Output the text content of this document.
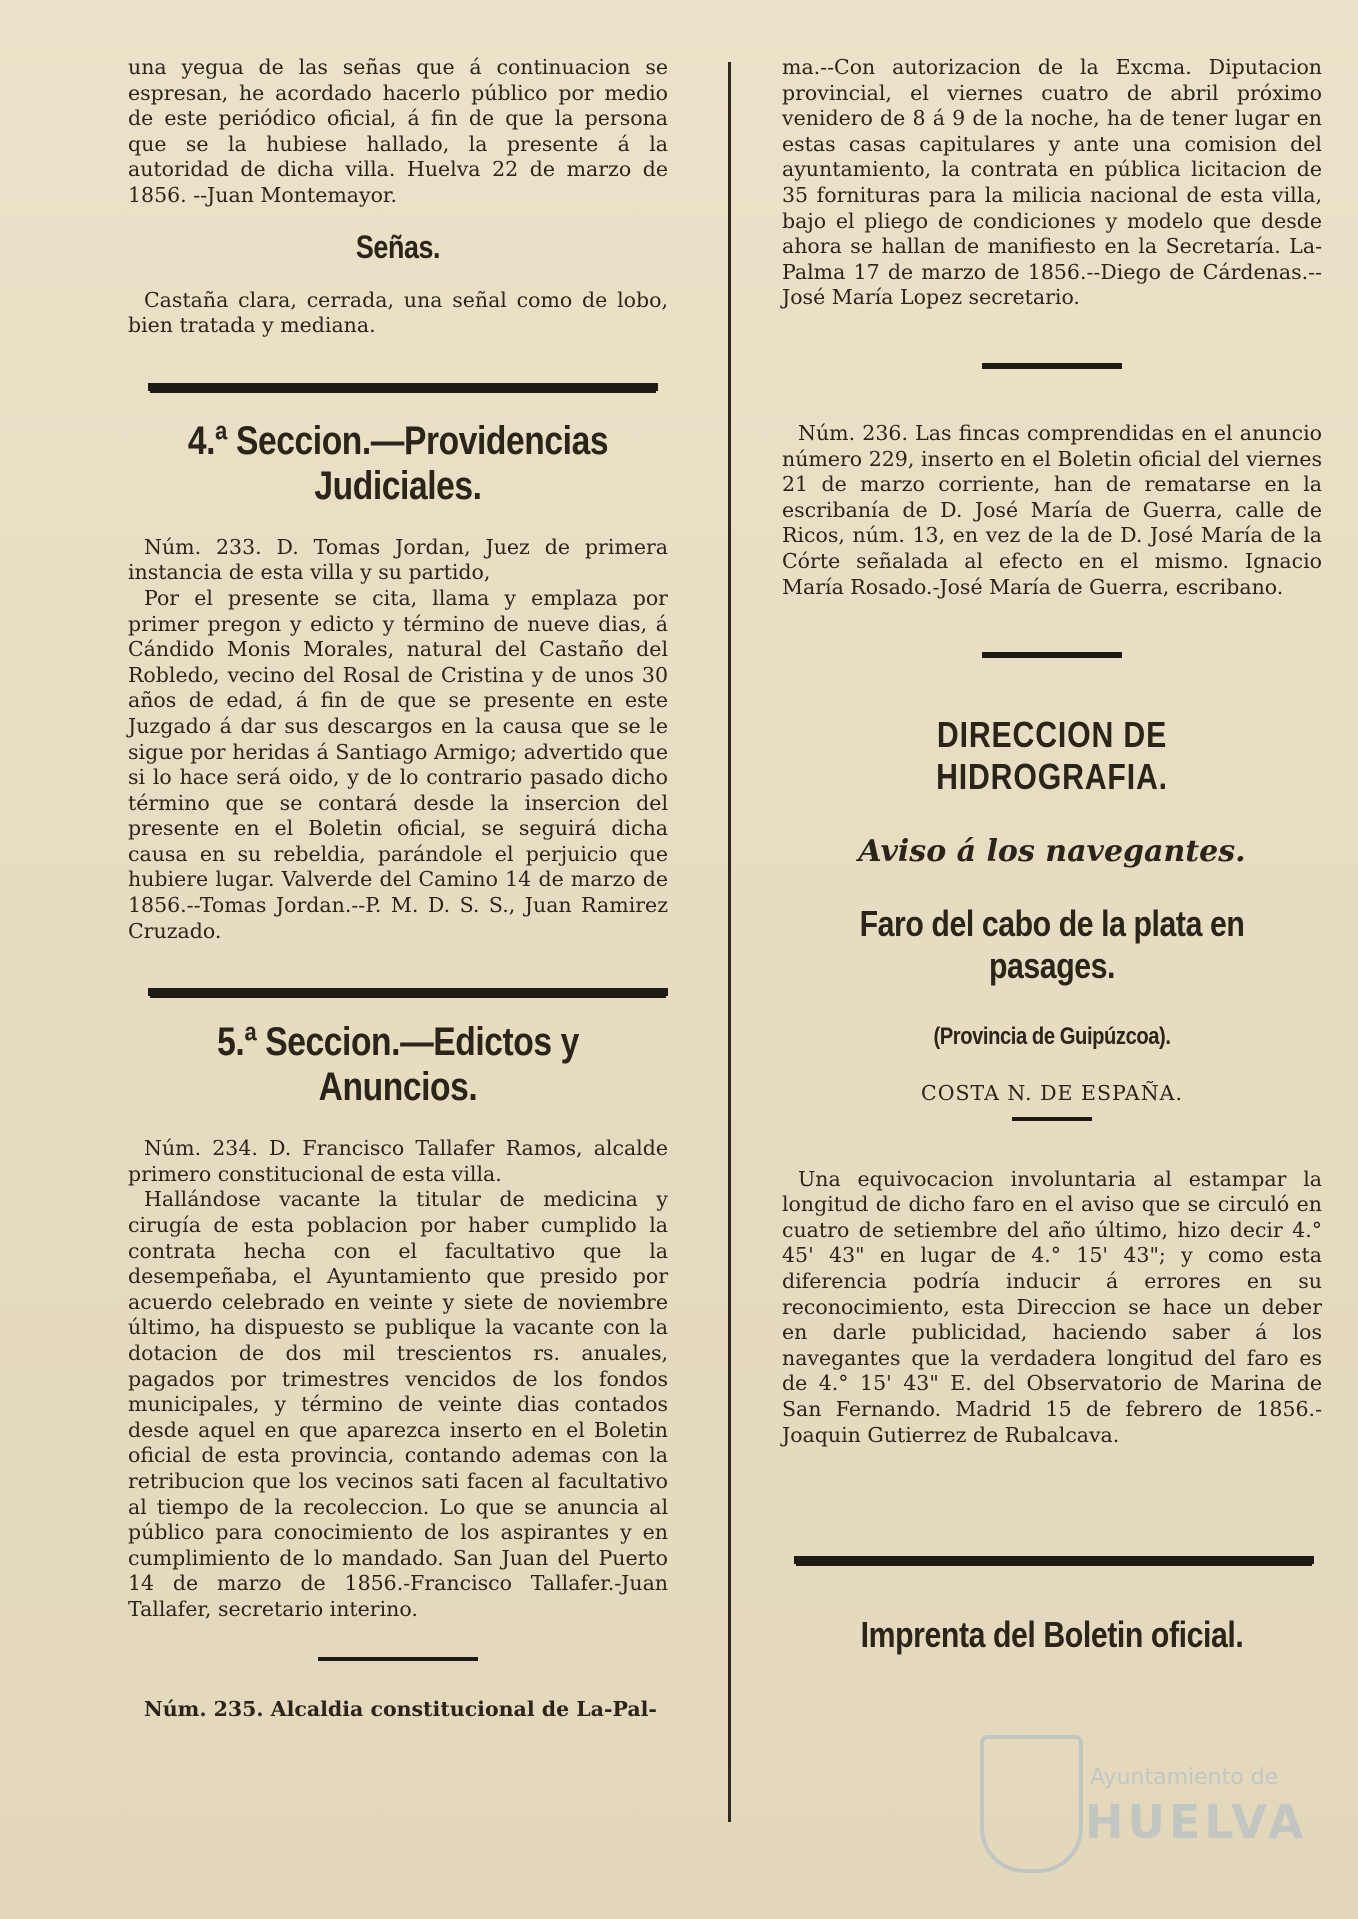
una yegua de las señas que á continuacion se espresan, he acordado hacerlo público por medio de este periódico oficial, á fin de que la persona que se la hubiese hallado, la presente á la autoridad de dicha villa. Huelva 22 de marzo de 1856. --Juan Montemayor.

Señas.

Castaña clara, cerrada, una señal como de lobo, bien tratada y mediana.

4.ª Seccion.—Providencias Judiciales.

Núm. 233. D. Tomas Jordan, Juez de primera instancia de esta villa y su partido,

Por el presente se cita, llama y emplaza por primer pregon y edicto y término de nueve dias, á Cándido Monis Morales, natural del Castaño del Robledo, vecino del Rosal de Cristina y de unos 30 años de edad, á fin de que se presente en este Juzgado á dar sus descargos en la causa que se le sigue por heridas á Santiago Armigo; advertido que si lo hace será oido, y de lo contrario pasado dicho término que se contará desde la insercion del presente en el Boletin oficial, se seguirá dicha causa en su rebeldia, parándole el perjuicio que hubiere lugar. Valverde del Camino 14 de marzo de 1856.--Tomas Jordan.--P. M. D. S. S., Juan Ramirez Cruzado.

5.ª Seccion.—Edictos y Anuncios.

Núm. 234. D. Francisco Tallafer Ramos, alcalde primero constitucional de esta villa.

Hallándose vacante la titular de medicina y cirugía de esta poblacion por haber cumplido la contrata hecha con el facultativo que la desempeñaba, el Ayuntamiento que presido por acuerdo celebrado en veinte y siete de noviembre último, ha dispuesto se publique la vacante con la dotacion de dos mil trescientos rs. anuales, pagados por trimestres vencidos de los fondos municipales, y término de veinte dias contados desde aquel en que aparezca inserto en el Boletin oficial de esta provincia, contando ademas con la retribucion que los vecinos sati facen al facultativo al tiempo de la recoleccion. Lo que se anuncia al público para conocimiento de los aspirantes y en cumplimiento de lo mandado. San Juan del Puerto 14 de marzo de 1856.-Francisco Tallafer.-Juan Tallafer, secretario interino.

Núm. 235. Alcaldia constitucional de La-Pal-

ma.--Con autorizacion de la Excma. Diputacion provincial, el viernes cuatro de abril próximo venidero de 8 á 9 de la noche, ha de tener lugar en estas casas capitulares y ante una comision del ayuntamiento, la contrata en pública licitacion de 35 fornituras para la milicia nacional de esta villa, bajo el pliego de condiciones y modelo que desde ahora se hallan de manifiesto en la Secretaría. La-Palma 17 de marzo de 1856.--Diego de Cárdenas.--José María Lopez secretario.

Núm. 236. Las fincas comprendidas en el anuncio número 229, inserto en el Boletin oficial del viernes 21 de marzo corriente, han de rematarse en la escribanía de D. José María de Guerra, calle de Ricos, núm. 13, en vez de la de D. José María de la Córte señalada al efecto en el mismo. Ignacio María Rosado.-José María de Guerra, escribano.

DIRECCION DE HIDROGRAFIA.
Aviso á los navegantes.
Faro del cabo de la plata en pasages.
(Provincia de Guipúzcoa).

COSTA N. DE ESPAÑA.

Una equivocacion involuntaria al estampar la longitud de dicho faro en el aviso que se circuló en cuatro de setiembre del año último, hizo decir 4.° 45' 43" en lugar de 4.° 15' 43"; y como esta diferencia podría inducir á errores en su reconocimiento, esta Direccion se hace un deber en darle publicidad, haciendo saber á los navegantes que la verdadera longitud del faro es de 4.° 15' 43" E. del Observatorio de Marina de San Fernando. Madrid 15 de febrero de 1856.-Joaquin Gutierrez de Rubalcava.

Imprenta del Boletin oficial.
Ayuntamiento de
HUELVA
